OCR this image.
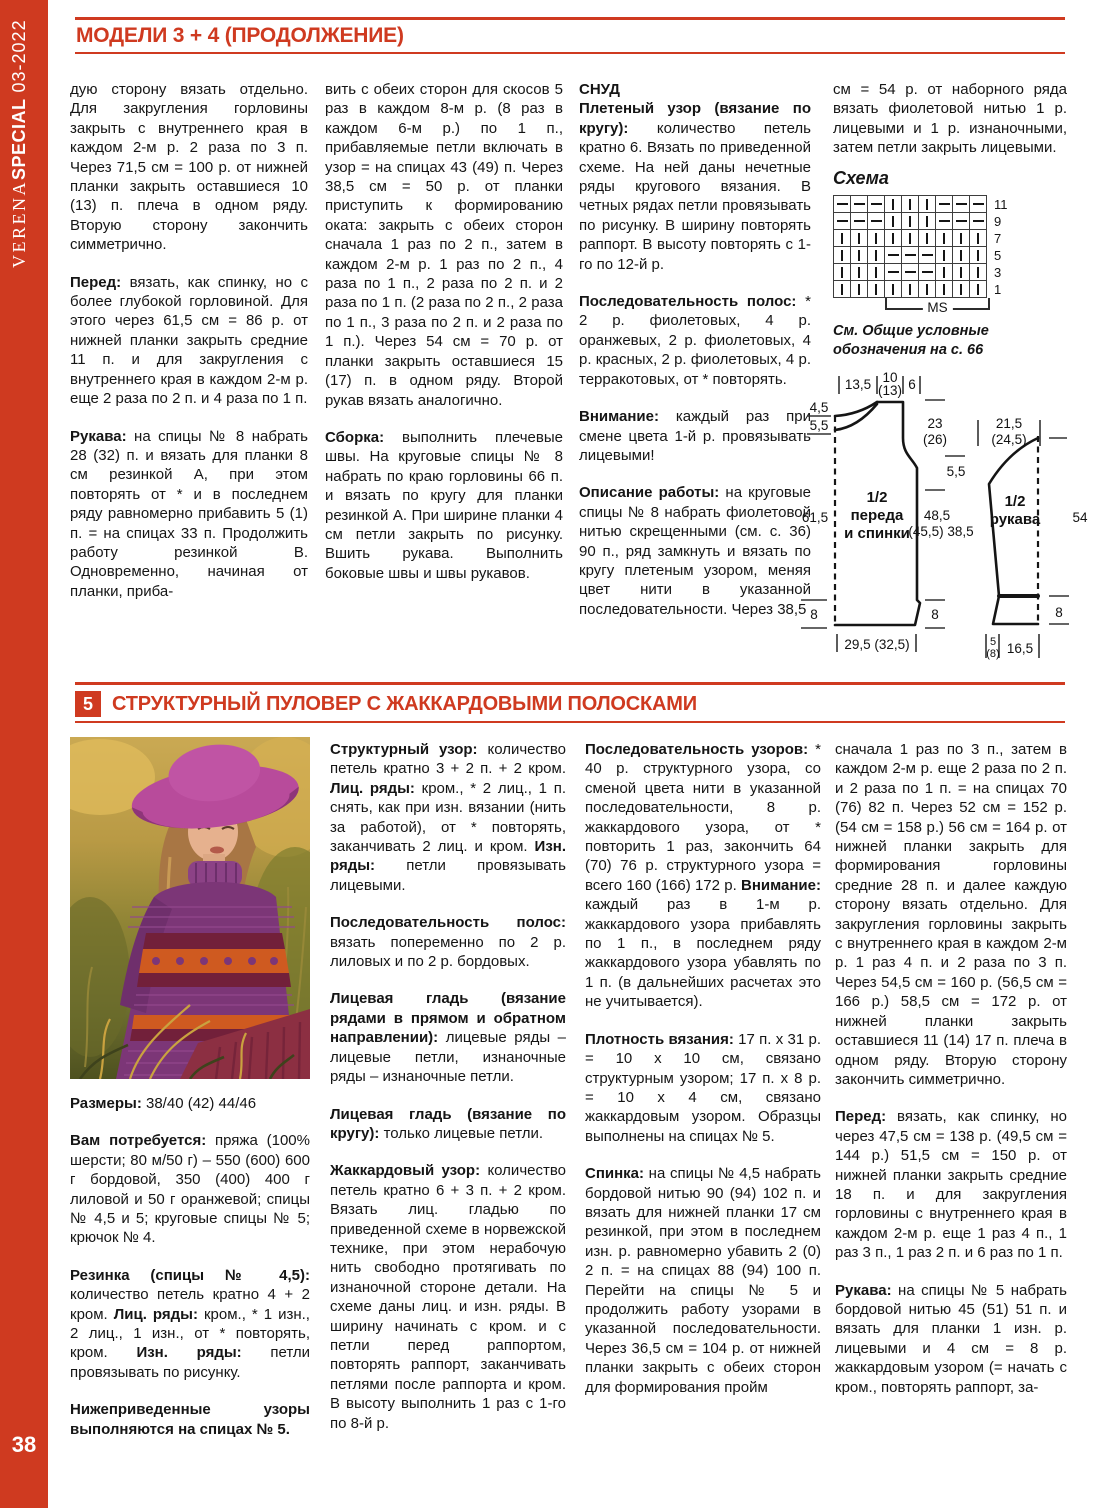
VERENASPECIAL 03-2022
38
МОДЕЛИ 3 + 4 (ПРОДОЛЖЕНИЕ)

дую сторону вязать отдельно. Для закругления горловины закрыть с внутреннего края в каждом 2-м р. 2 раза по 3 п. Через 71,5 см = 100 р. от нижней планки закрыть оставшиеся 10 (13) п. плеча в одном ряду. Вторую сторону закончить симметрично.

Перед: вязать, как спинку, но с более глубокой горловиной. Для этого через 61,5 см = 86 р. от нижней планки закрыть средние 11 п. и для закругления с внутреннего края в каждом 2-м р. еще 2 раза по 2 п. и 4 раза по 1 п.

Рукава: на спицы № 8 набрать 28 (32) п. и вязать для планки 8 см резинкой А, при этом повторять от * и в последнем ряду равномерно прибавить 5 (1) п. = на спицах 33 п. Продолжить работу резинкой В. Одновременно, начиная от планки, приба-

вить с обеих сторон для скосов 5 раз в каждом 8-м р. (8 раз в каждом 6-м р.) по 1 п., прибавляемые петли включать в узор = на спицах 43 (49) п. Через 38,5 см = 50 р. от планки приступить к формированию оката: закрыть с обеих сторон сначала 1 раз по 2 п., затем в каждом 2-м р. 1 раз по 2 п., 4 раза по 1 п., 2 раза по 2 п. и 2 раза по 1 п. (2 раза по 2 п., 2 раза по 1 п., 3 раза по 2 п. и 2 раза по 1 п.). Через 54 см = 70 р. от планки закрыть оставшиеся 15 (17) п. в одном ряду. Второй рукав вязать аналогично.

Сборка: выполнить плечевые швы. На круговые спицы № 8 набрать по краю горловины 66 п. и вязать по кругу для планки резинкой А. При ширине планки 4 см петли закрыть по рисунку. Вшить рукава. Выполнить боковые швы и швы рукавов.

СНУД

Плетеный узор (вязание по кругу): количество петель кратно 6. Вязать по приведенной схеме. На ней даны нечетные ряды кругового вязания. В четных рядах петли провязывать по рисунку. В ширину повторять раппорт. В высоту повторять с 1-го по 12-й р.

Последовательность полос: * 2 р. фиолетовых, 4 р. оранжевых, 2 р. фиолетовых, 4 р. красных, 2 р. фиолетовых, 4 р. терракотовых, от * повторять.

Внимание: каждый раз при смене цвета 1-й р. провязывать лицевыми!

Описание работы: на круговые спицы № 8 набрать фиолетовой нитью скрещенными (см. с. 36) 90 п., ряд замкнуть и вязать по кругу плетеным узором, меняя цвет нити в указанной последовательности. Через 38,5

см = 54 р. от наборного ряда вязать фиолетовой нитью 1 р. лицевыми и 1 р. изнаночными, затем петли закрыть лицевыми.

Схема
11
9
7
5
3
1
MS
См. Общие условные обозначения на с. 66
13,5 10
(13) 6
4,5
5,5
61,5
8
29,5 (32,5)
23
(26)
5,5
48,5
(45,5) 38,5
8
1/2
переда
и спинки
21,5
(24,5)
54
8
5
(8) 16,5
1/2
рукава
5 СТРУКТУРНЫЙ ПУЛОВЕР С ЖАККАРДОВЫМИ ПОЛОСКАМИ

Размеры: 38/40 (42) 44/46

Вам потребуется: пряжа (100% шерсти; 80 м/50 г) – 550 (600) 600 г бордовой, 350 (400) 400 г лиловой и 50 г оранжевой; спицы № 4,5 и 5; круговые спицы № 5; крючок № 4.

Резинка (спицы № 4,5): количество петель кратно 4 + 2 кром. Лиц. ряды: кром., * 1 изн., 2 лиц., 1 изн., от * повторять, кром. Изн. ряды: петли провязывать по рисунку.

Нижеприведенные узоры выполняются на спицах № 5.

Структурный узор: количество петель кратно 3 + 2 п. + 2 кром. Лиц. ряды: кром., * 2 лиц., 1 п. снять, как при изн. вязании (нить за работой), от * повторять, заканчивать 2 лиц. и кром. Изн. ряды: петли провязывать лицевыми.

Последовательность полос: вязать попеременно по 2 р. лиловых и по 2 р. бордовых.

Лицевая гладь (вязание рядами в прямом и обратном направлении): лицевые ряды – лицевые петли, изнаночные ряды – изнаночные петли.

Лицевая гладь (вязание по кругу): только лицевые петли.

Жаккардовый узор: количество петель кратно 6 + 3 п. + 2 кром. Вязать лиц. гладью по приведенной схеме в норвежской технике, при этом нерабочую нить свободно протягивать по изнаночной стороне детали. На схеме даны лиц. и изн. ряды. В ширину начинать с кром. и с петли перед раппортом, повторять раппорт, заканчивать петлями после раппорта и кром. В высоту выполнить 1 раз с 1-го по 8-й р.

Последовательность узоров: * 40 р. структурного узора, со сменой цвета нити в указанной последовательности, 8 р. жаккардового узора, от * повторить 1 раз, закончить 64 (70) 76 р. структурного узора = всего 160 (166) 172 р. Внимание: каждый раз в 1-м р. жаккардового узора прибавлять по 1 п., в последнем ряду жаккардового узора убавлять по 1 п. (в дальнейших расчетах это не учитывается).

Плотность вязания: 17 п. х 31 р. = 10 х 10 см, связано структурным узором; 17 п. х 8 р. = 10 х 4 см, связано жаккардовым узором. Образцы выполнены на спицах № 5.

Спинка: на спицы № 4,5 набрать бордовой нитью 90 (94) 102 п. и вязать для нижней планки 17 см резинкой, при этом в последнем изн. р. равномерно убавить 2 (0) 2 п. = на спицах 88 (94) 100 п. Перейти на спицы № 5 и продолжить работу узорами в указанной последовательности. Через 36,5 см = 104 р. от нижней планки закрыть с обеих сторон для формирования пройм

сначала 1 раз по 3 п., затем в каждом 2-м р. еще 2 раза по 2 п. и 2 раза по 1 п. = на спицах 70 (76) 82 п. Через 52 см = 152 р. (54 см = 158 р.) 56 см = 164 р. от нижней планки закрыть для формирования горловины средние 28 п. и далее каждую сторону вязать отдельно. Для закругления горловины закрыть с внутреннего края в каждом 2-м р. 1 раз 4 п. и 2 раза по 3 п. Через 54,5 см = 160 р. (56,5 см = 166 р.) 58,5 см = 172 р. от нижней планки закрыть оставшиеся 11 (14) 17 п. плеча в одном ряду. Вторую сторону закончить симметрично.

Перед: вязать, как спинку, но через 47,5 см = 138 р. (49,5 см = 144 р.) 51,5 см = 150 р. от нижней планки закрыть средние 18 п. и для закругления горловины с внутреннего края в каждом 2-м р. еще 1 раз 4 п., 1 раз 3 п., 1 раз 2 п. и 6 раз по 1 п.

Рукава: на спицы № 5 набрать бордовой нитью 45 (51) 51 п. и вязать для планки 1 изн. р. лицевыми и 4 см = 8 р. жаккардовым узором (= начать с кром., повторять раппорт, за-
